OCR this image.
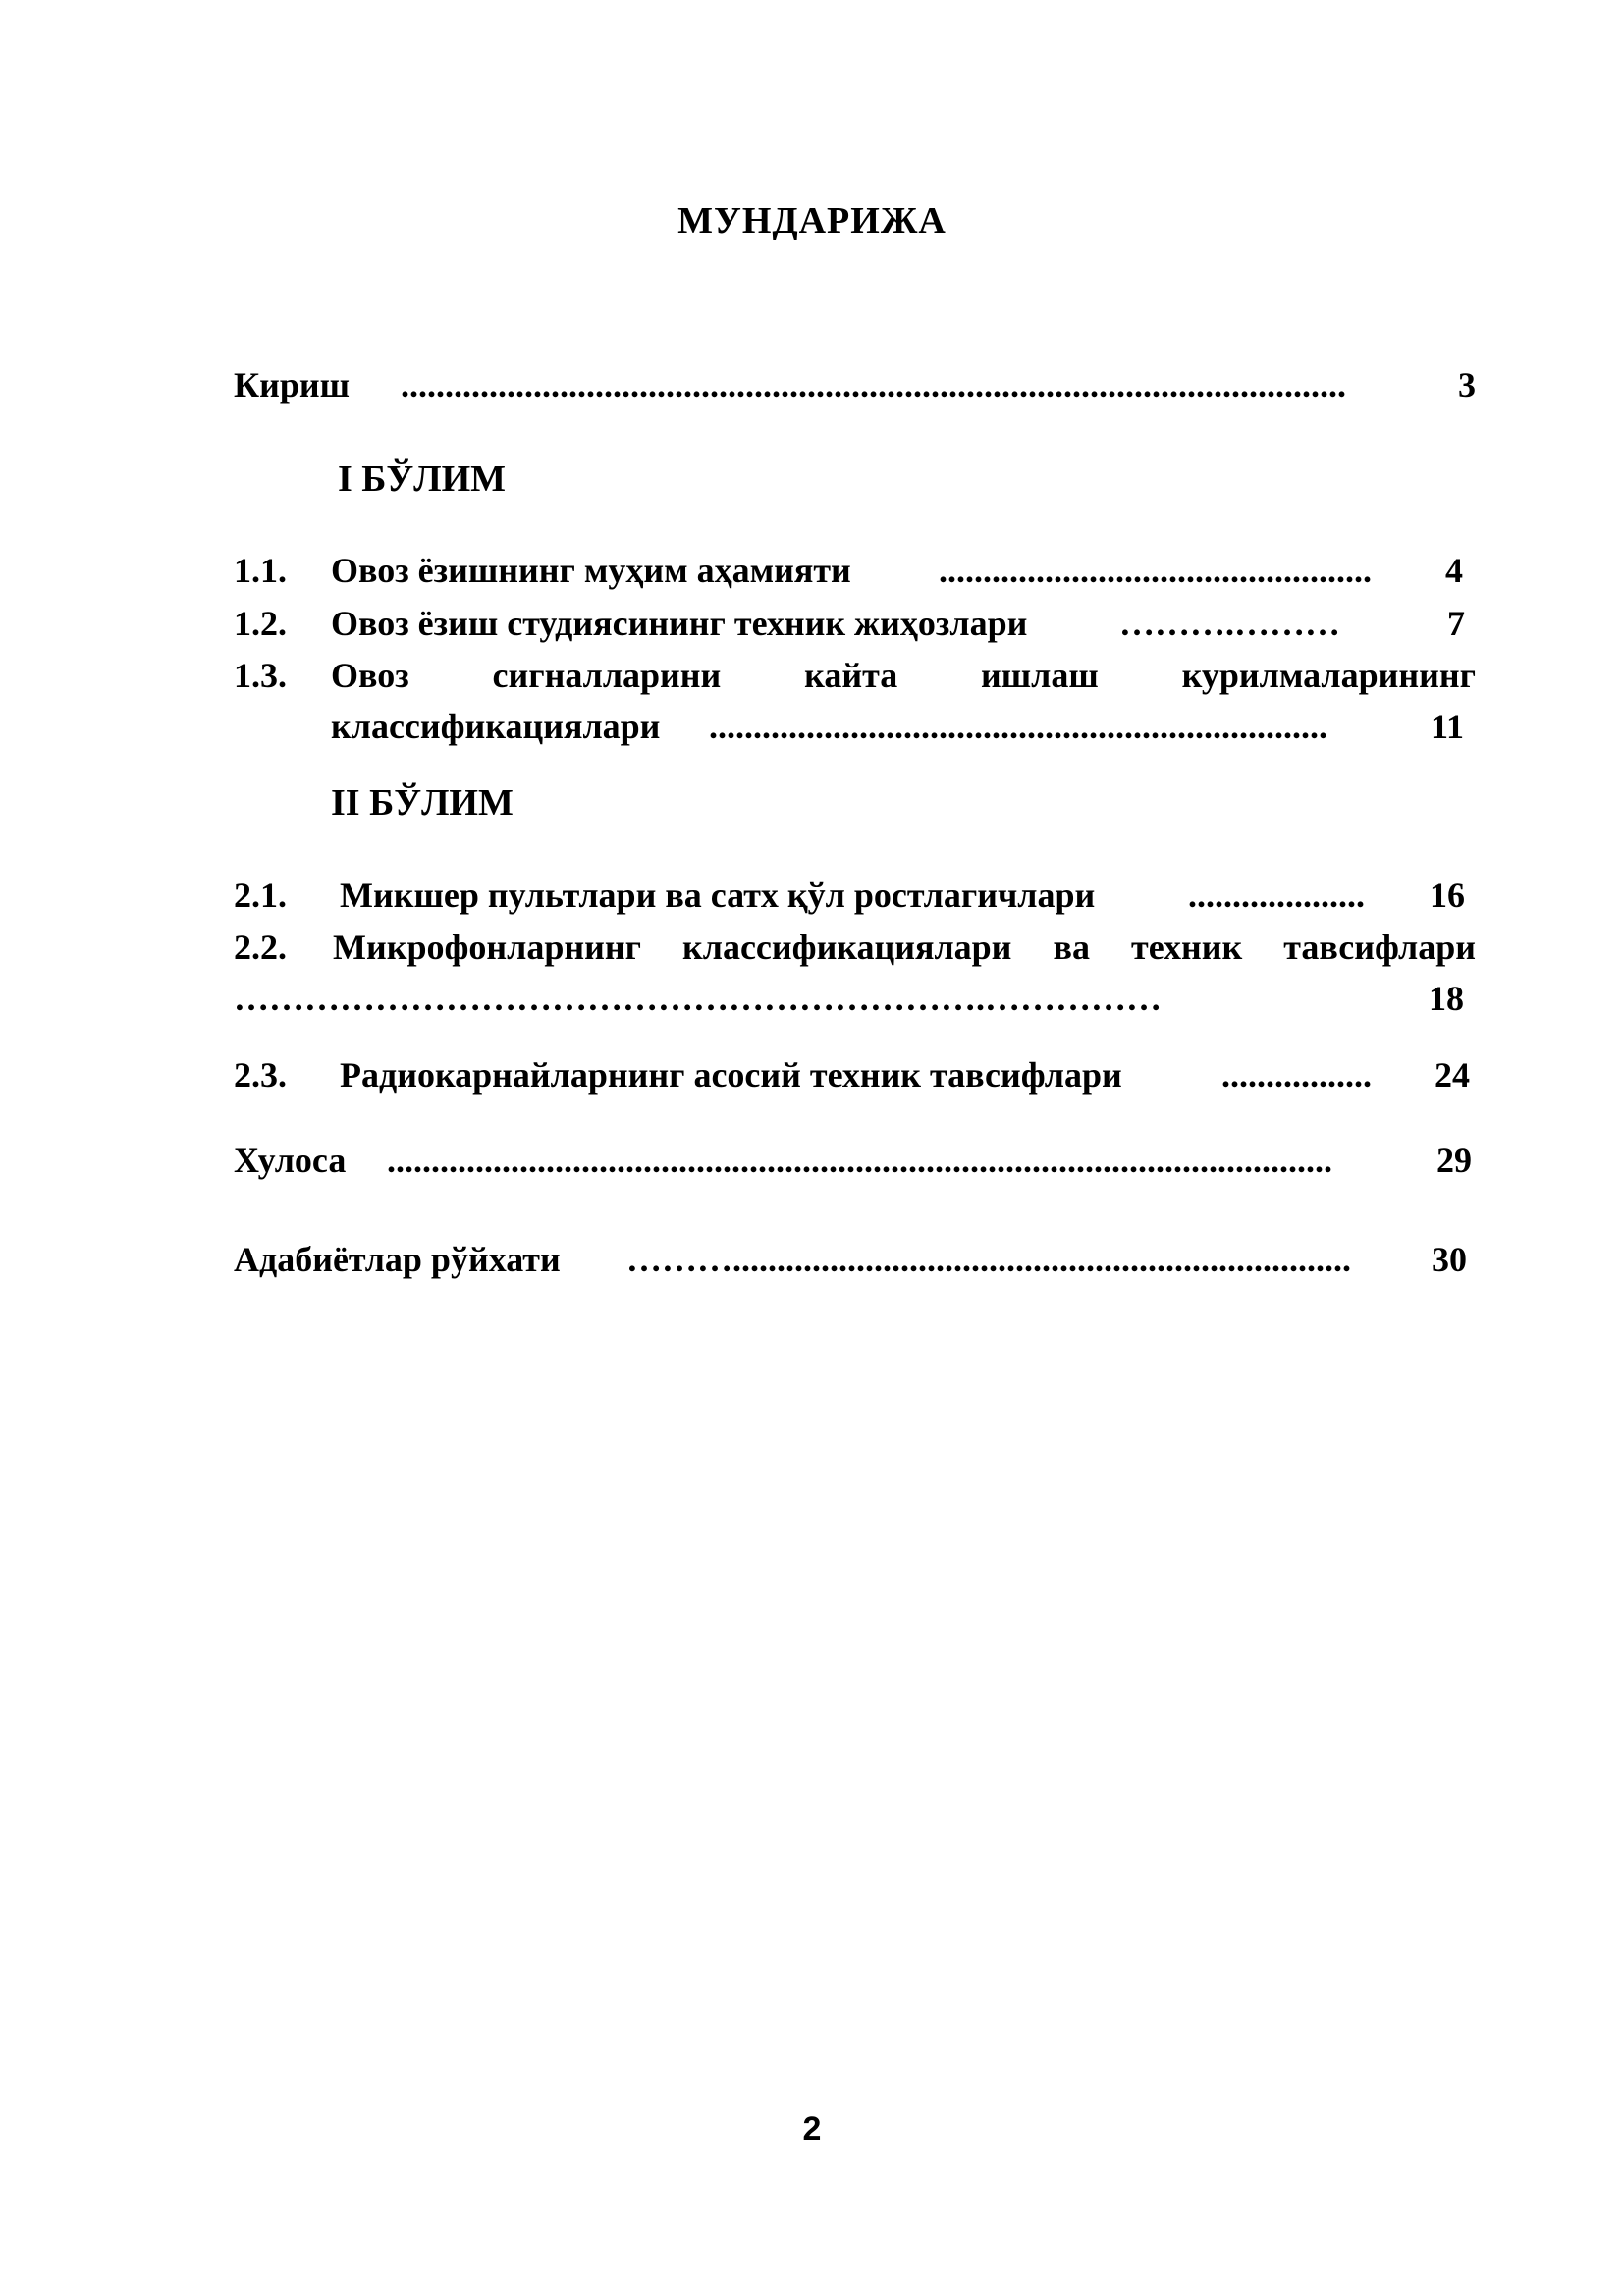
МУНДАРИЖА
Кириш ...........................................................................................................	3
I БЎЛИМ
1.1. Овоз ёзишнинг муҳим аҳамияти ................................................. 4
1.2. Овоз ёзиш студиясининг техник жиҳозлари	……….………	7
1.3. Овоз сигналларини кайта ишлаш курилмаларининг
классификациялари ......................................................................	11
II БЎЛИМ
2.1. Микшер пультлари ва сатх қўл ростлагичлари	.................... 16
2.2. Микрофонларнинг классификациялари ва техник тавсифлари
……………………………………………………….……………	18
2.3. Радиокарнайларнинг асосий техник тавсифлари	................. 24
Хулоса ...........................................................................................................	29
Адабиётлар рўйхати ………...................................................................... 30
2
